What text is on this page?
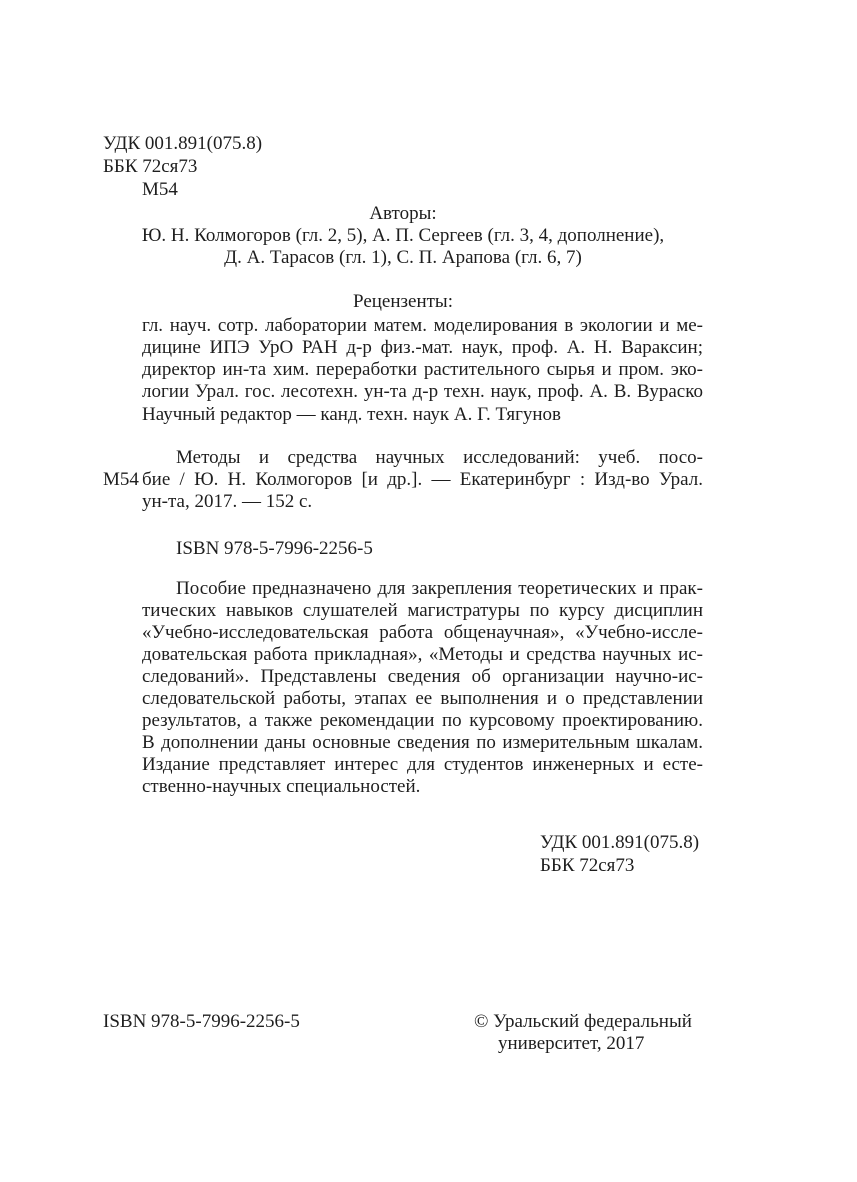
УДК 001.891(075.8)
ББК 72ся73
М54
Авторы:
Ю. Н. Колмогоров (гл. 2, 5), А. П. Сергеев (гл. 3, 4, дополнение),
Д. А. Тарасов (гл. 1), С. П. Арапова (гл. 6, 7)
Рецензенты:
гл. науч. сотр. лаборатории матем. моделирования в экологии и ме-
дицине ИПЭ УрО РАН д-р физ.-мат. наук, проф. А. Н. Вараксин;
директор ин-та хим. переработки растительного сырья и пром. эко-
логии Урал. гос. лесотехн. ун-та д-р техн. наук, проф. А. В. Вураско
Научный редактор — канд. техн. наук А. Г. Тягунов
М54
Методы и средства научных исследований: учеб. посо-
бие / Ю. Н. Колмогоров [и др.]. — Екатеринбург : Изд-во Урал.
ун-та, 2017. — 152 с.
ISBN 978-5-7996-2256-5
Пособие предназначено для закрепления теоретических и прак-
тических навыков слушателей магистратуры по курсу дисциплин
«Учебно-исследовательская работа общенаучная», «Учебно-иссле-
довательская работа прикладная», «Методы и средства научных ис-
следований». Представлены сведения об организации научно-ис-
следовательской работы, этапах ее выполнения и о представлении
результатов, а также рекомендации по курсовому проектированию.
В дополнении даны основные сведения по измерительным шкалам.
Издание представляет интерес для студентов инженерных и есте-
ственно-научных специальностей.
УДК 001.891(075.8)
ББК 72ся73
ISBN 978-5-7996-2256-5	© Уральский федеральный
университет, 2017
